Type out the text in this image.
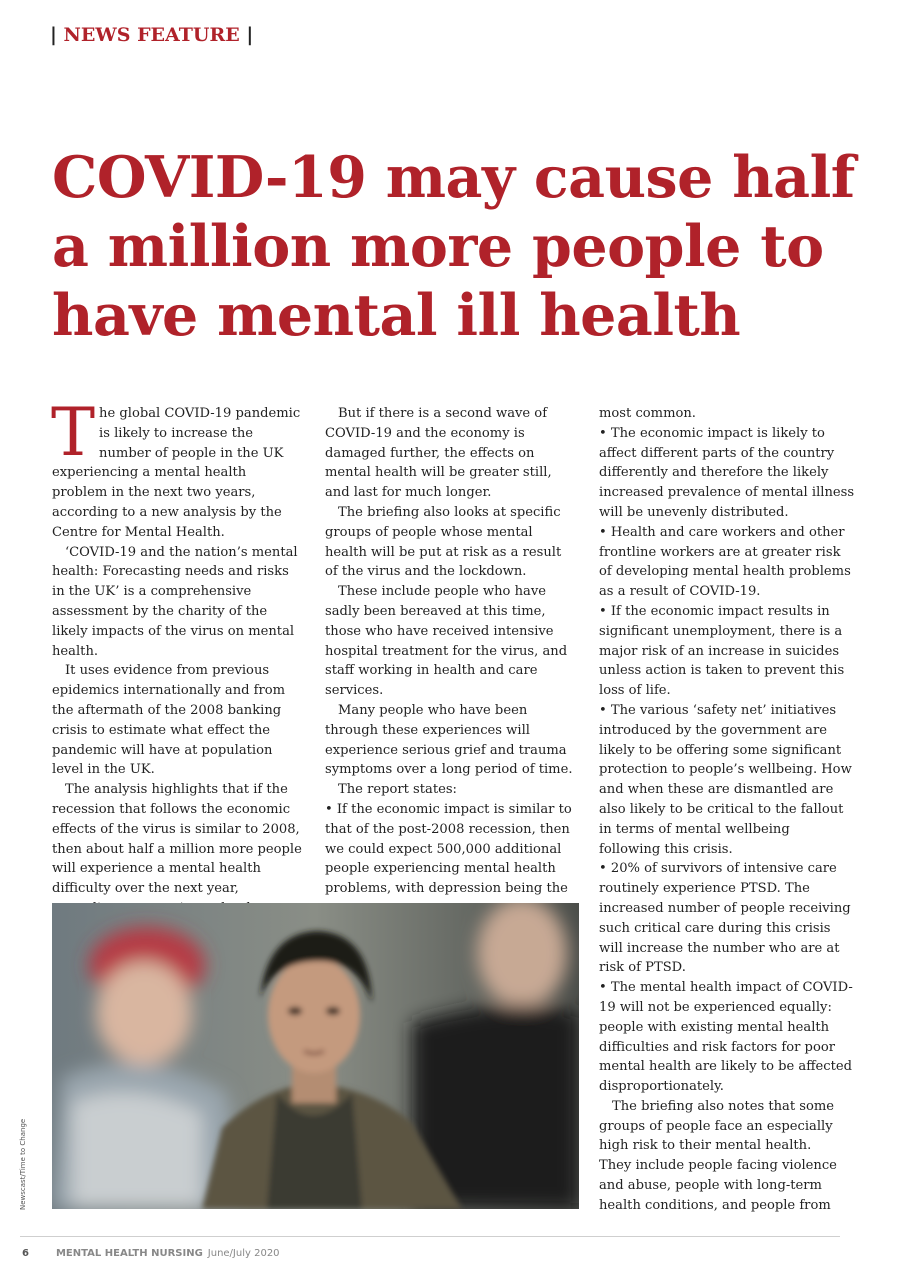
| NEWS FEATURE |
COVID-19 may cause half a million more people to have mental ill health

The global COVID-19 pandemic is likely to increase the number of people in the UK experiencing a mental health problem in the next two years, according to a new analysis by the Centre for Mental Health.

‘COVID-19 and the nation’s mental health: Forecasting needs and risks in the UK’ is a comprehensive assessment by the charity of the likely impacts of the virus on mental health.

It uses evidence from previous epidemics internationally and from the aftermath of the 2008 banking crisis to estimate what effect the pandemic will have at population level in the UK.

The analysis highlights that if the recession that follows the economic effects of the virus is similar to 2008, then about half a million more people will experience a mental health difficulty over the next year,

But if there is a second wave of COVID-19 and the economy is damaged further, the effects on mental health will be greater still, and last for much longer.

The briefing also looks at specific groups of people whose mental health will be put at risk as a result of the virus and the lockdown.

These include people who have sadly been bereaved at this time, those who have received intensive hospital treatment for the virus, and staff working in health and care services.

Many people who have been through these experiences will experience serious grief and trauma symptoms over a long period of time.

The report states:

• If the economic impact is similar to that of the post-2008 recession, then we could expect 500,000 additional people experiencing mental health problems, with depression being the

most common.

• The economic impact is likely to affect different parts of the country differently and therefore the likely increased prevalence of mental illness will be unevenly distributed.

• Health and care workers and other frontline workers are at greater risk of developing mental health problems as a result of COVID-19.

• If the economic impact results in significant unemployment, there is a major risk of an increase in suicides unless action is taken to prevent this loss of life.

• The various ‘safety net’ initiatives introduced by the government are likely to be offering some significant protection to people’s wellbeing. How and when these are dismantled are also likely to be critical to the fallout in terms of mental wellbeing following this crisis.

• 20% of survivors of intensive care routinely experience PTSD. The increased number of people receiving such critical care during this crisis will increase the number who are at risk of PTSD.

• The mental health impact of COVID-19 will not be experienced equally: people with existing mental health difficulties and risk factors for poor mental health are likely to be affected disproportionately.

The briefing also notes that some groups of people face an especially high risk to their mental health.

They include people facing violence and abuse, people with long-term health conditions, and people from

Newscast/Time to Change
6	MENTAL HEALTH NURSING June/July 2020
